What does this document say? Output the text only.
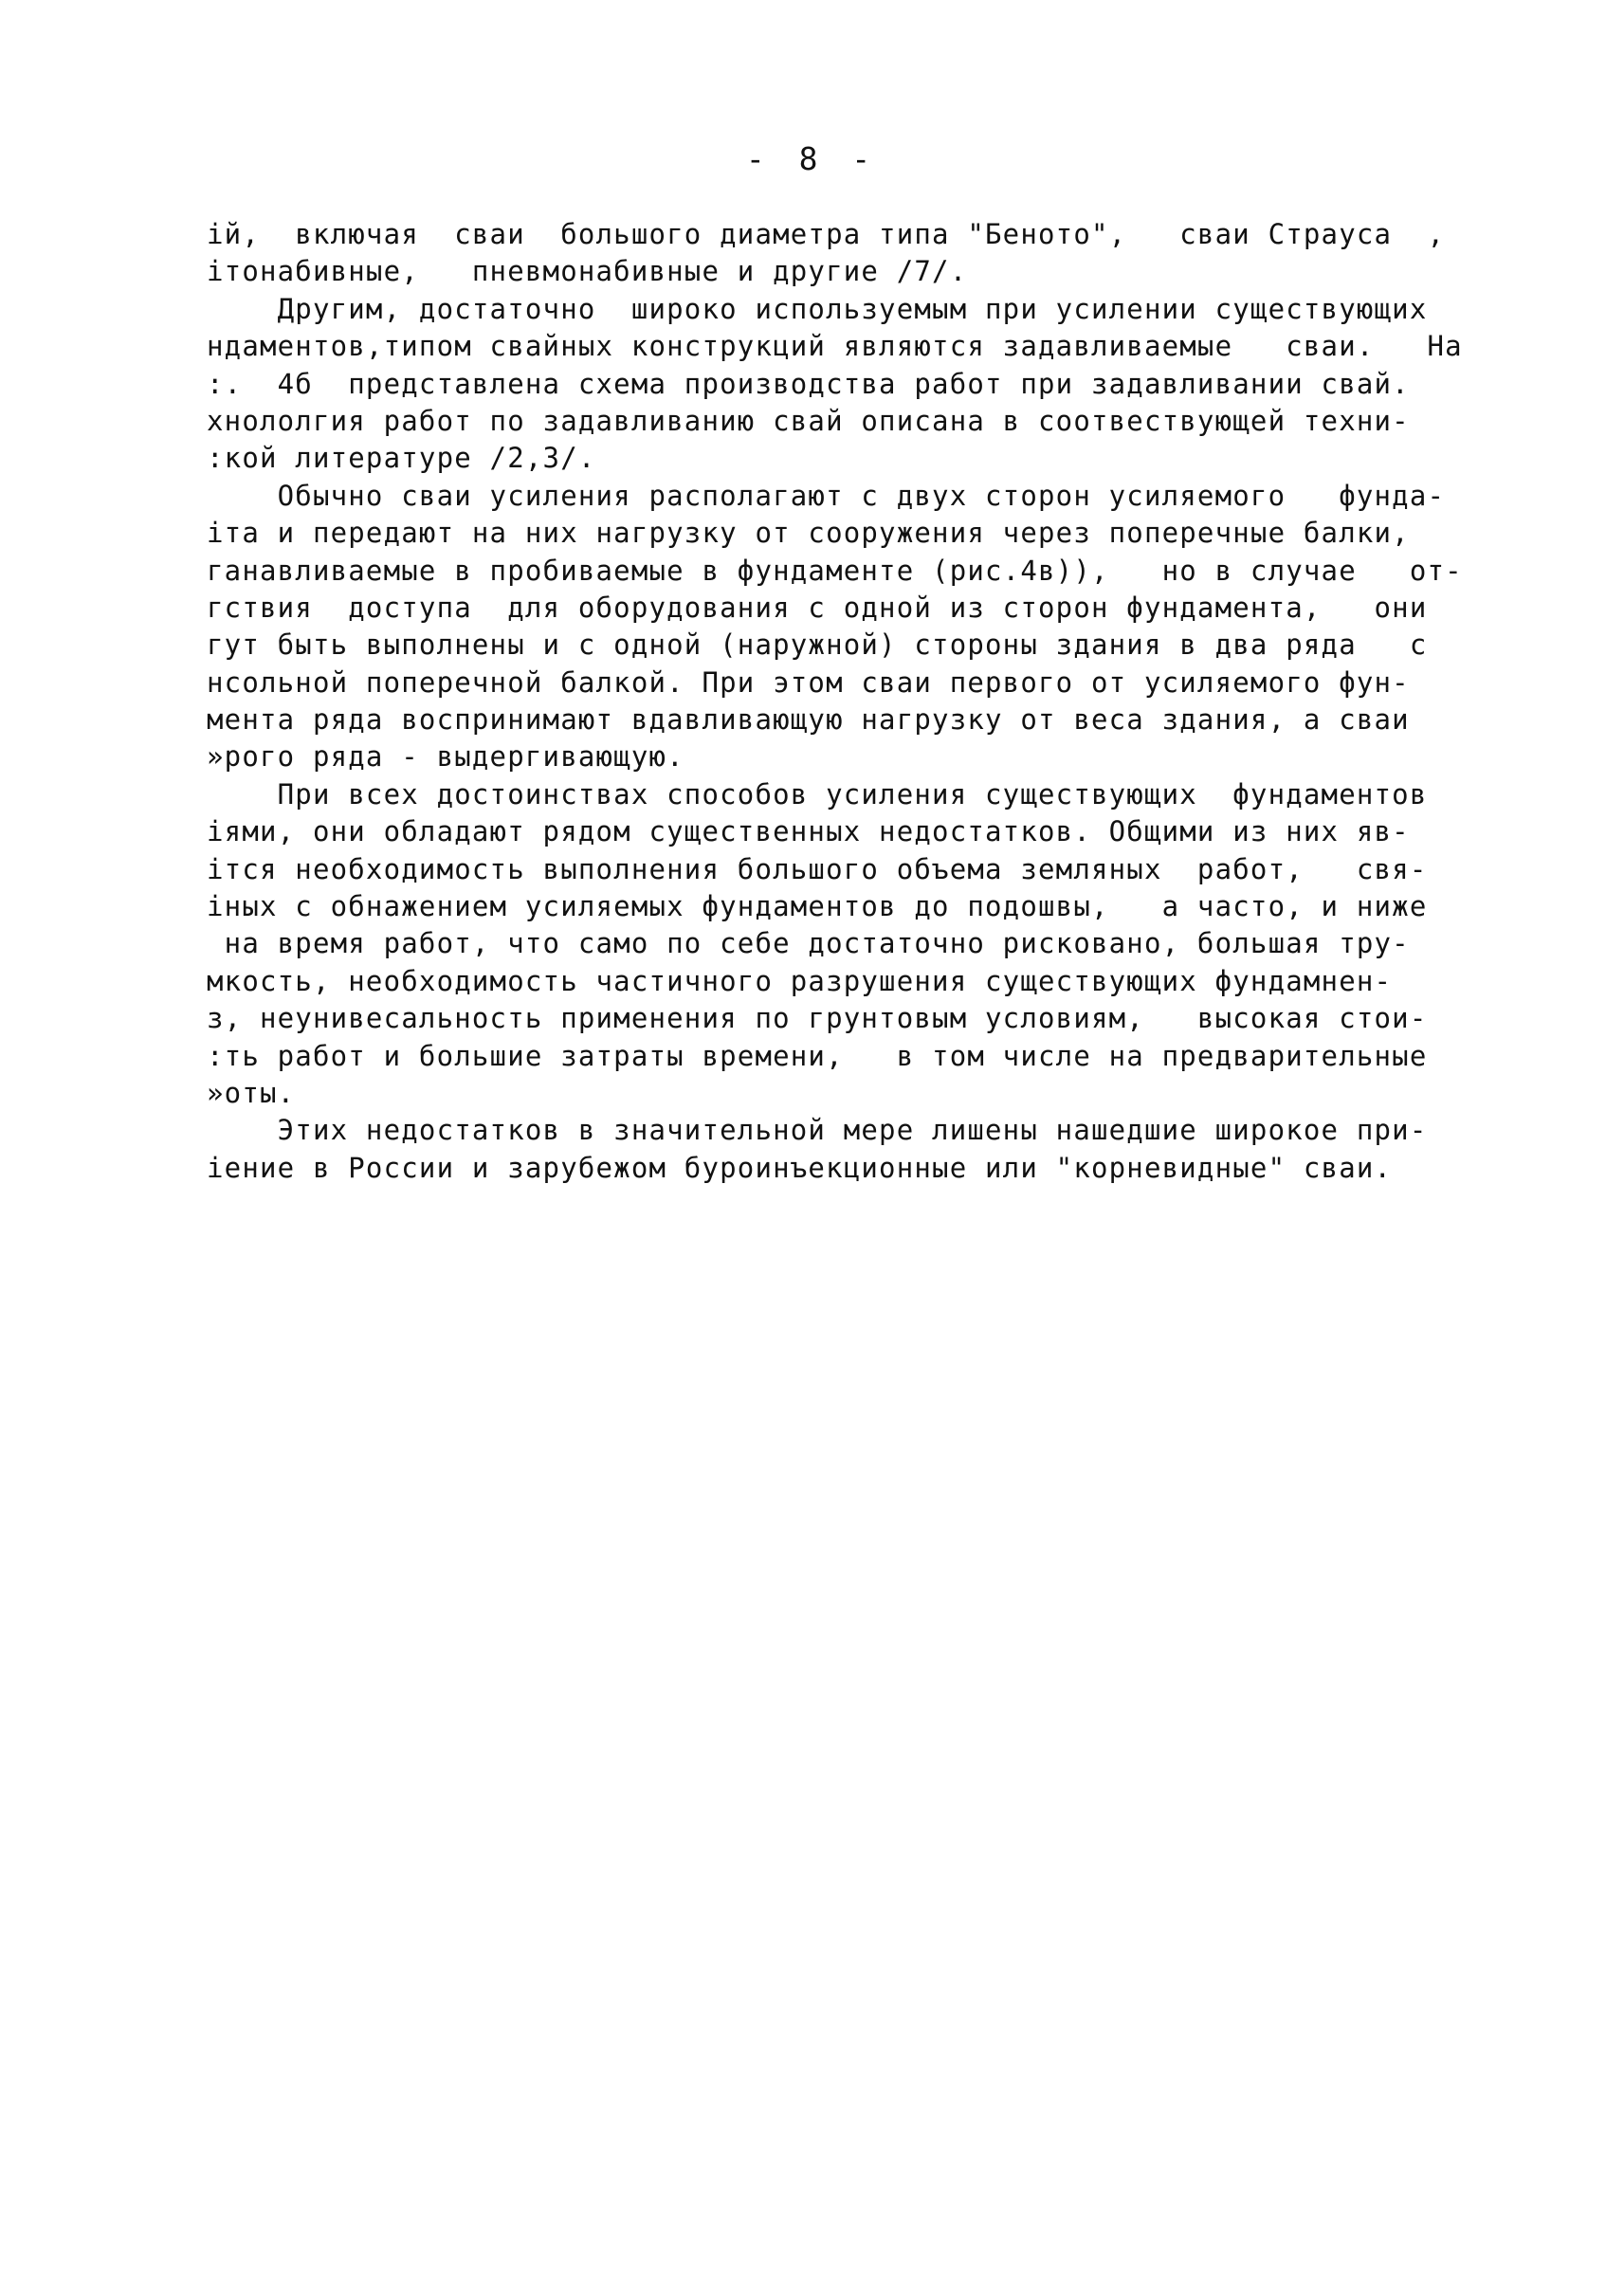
- 8 -
ій,  включая  сваи  большого диаметра типа "Беното",   сваи Страуса  ,
ітонабивные,   пневмонабивные и другие /7/.
Другим, достаточно  широко используемым при усилении существующих
ндаментов,типом свайных конструкций являются задавливаемые   сваи.   На
:.  4б  представлена схема производства работ при задавливании свай.
хнололгия работ по задавливанию свай описана в соотвествующей техни-
:кой литературе /2,3/.
Обычно сваи усиления располагают с двух сторон усиляемого   фунда-
іта и передают на них нагрузку от сооружения через поперечные балки,
ганавливаемые в пробиваемые в фундаменте (рис.4в)),   но в случае   от-
гствия  доступа  для оборудования с одной из сторон фундамента,   они
гут быть выполнены и с одной (наружной) стороны здания в два ряда   с
нсольной поперечной балкой. При этом сваи первого от усиляемого фун-
мента ряда воспринимают вдавливающую нагрузку от веса здания, а сваи
»рого ряда - выдергивающую.
При всех достоинствах способов усиления существующих  фундаментов
іями, они обладают рядом существенных недостатков. Общими из них яв-
ітся необходимость выполнения большого объема земляных  работ,   свя-
іных с обнажением усиляемых фундаментов до подошвы,   а часто, и ниже
на время работ, что само по себе достаточно рисковано, большая тру-
мкость, необходимость частичного разрушения существующих фундамнен-
з, неунивесальность применения по грунтовым условиям,   высокая стои-
:ть работ и большие затраты времени,   в том числе на предварительные
»оты.
Этих недостатков в значительной мере лишены нашедшие широкое при-
іение в России и зарубежом буроинъекционные или "корневидные" сваи.
